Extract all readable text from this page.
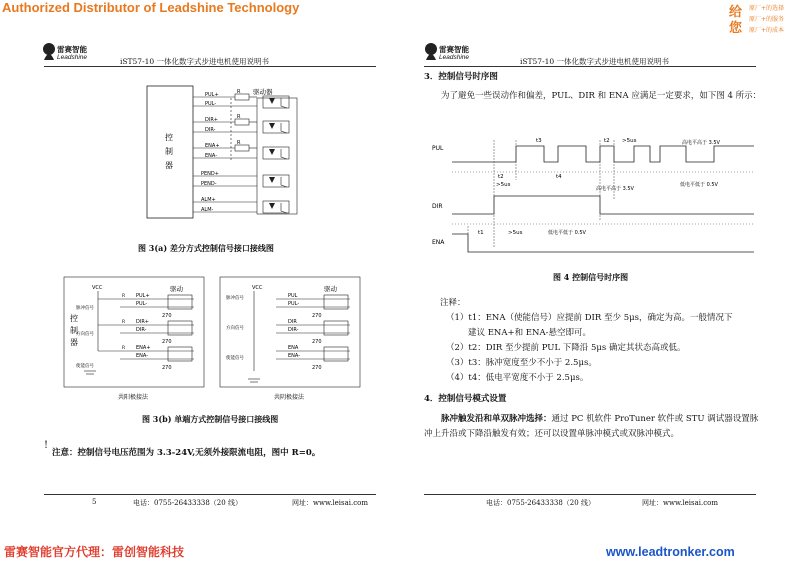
Authorized Distributor of Leadshine Technology	给
您
原厂+的选择
原厂+的服务
原厂+的成本
雷赛智能
Leadshine	iST57-10 一体化数字式步进电机使用说明书
控
制
器
驱动器
R
R
R
PUL+
PUL-
DIR+
DIR-
ENA+
ENA-
PEND+
PEND-
ALM+
ALM-
图 3(a) 差分方式控制信号接口接线图
VCC
控
制
器
驱动
脉冲信号
方向信号
使能信号
VCC	驱动
脉冲信号
方向信号
使能信号
R
R
R
PUL+
PUL-
DIR+
DIR-
ENA+
ENA-
270
270
270
PUL
PUL-
DIR
DIR-
ENA
ENA-
270
270
270
共阳极接法	共阴极接法
图 3(b) 单端方式控制信号接口接线图
!
注意：控制信号电压范围为 3.3-24V,无须外接限流电阻，图中 R=0。
5	电话：0755-26433338（20 线）	网址：www.leisai.com
雷赛智能
Leadshine	iST57-10 一体化数字式步进电机使用说明书
3．控制信号时序图
为了避免一些误动作和偏差，PUL、DIR 和 ENA 应满足一定要求，如下图 4 所示：
PUL
DIR
ENA
t3
t4
t2
>5us
t2 >5us	高电平高于 3.5V
低电平低于 0.5V
高电平高于 3.5V
低电平低于 0.5V
t1	>5us
图 4 控制信号时序图
注释：
（1）t1：ENA（使能信号）应提前 DIR 至少 5μs，确定为高。一般情况下
建议 ENA+和 ENA-悬空即可。
（2）t2：DIR 至少提前 PUL 下降沿 5μs 确定其状态高或低。
（3）t3：脉冲宽度至少不小于 2.5μs。
（4）t4：低电平宽度不小于 2.5μs。
4．控制信号模式设置
脉冲触发沿和单双脉冲选择：通过 PC 机软件 ProTuner 软件或 STU 调试器设置脉冲上升沿或下降沿触发有效；还可以设置单脉冲模式或双脉冲模式。
电话：0755-26433338（20 线）	网址：www.leisai.com
雷赛智能官方代理：雷创智能科技	www.leadtronker.com
